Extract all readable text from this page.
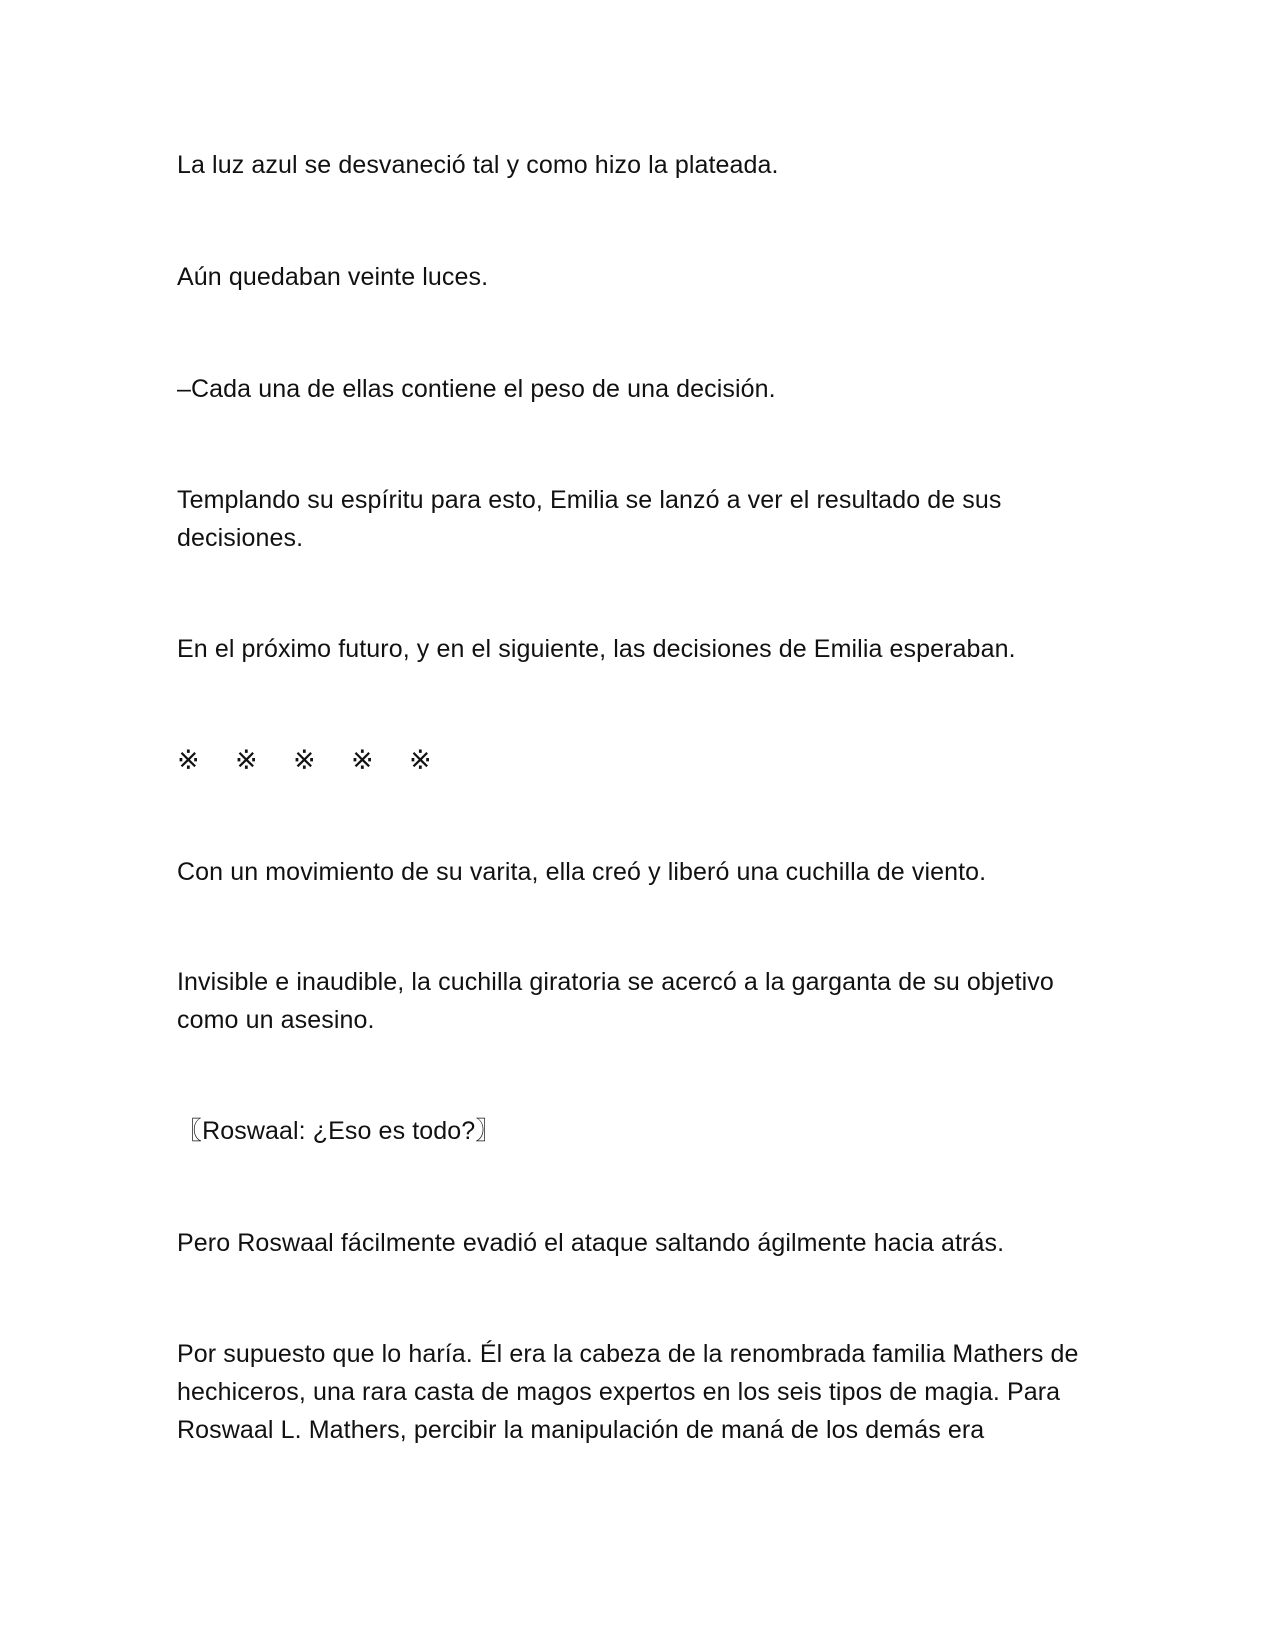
La luz azul se desvaneció tal y como hizo la plateada.

Aún quedaban veinte luces.

–Cada una de ellas contiene el peso de una decisión.

Templando su espíritu para esto, Emilia se lanzó a ver el resultado de sus decisiones.

En el próximo futuro, y en el siguiente, las decisiones de Emilia esperaban.

※	※	※	※	※

Con un movimiento de su varita, ella creó y liberó una cuchilla de viento.

Invisible e inaudible, la cuchilla giratoria se acercó a la garganta de su objetivo como un asesino.

〖Roswaal: ¿Eso es todo?〗

Pero Roswaal fácilmente evadió el ataque saltando ágilmente hacia atrás.

Por supuesto que lo haría. Él era la cabeza de la renombrada familia Mathers de hechiceros, una rara casta de magos expertos en los seis tipos de magia. Para Roswaal L. Mathers, percibir la manipulación de maná de los demás era
